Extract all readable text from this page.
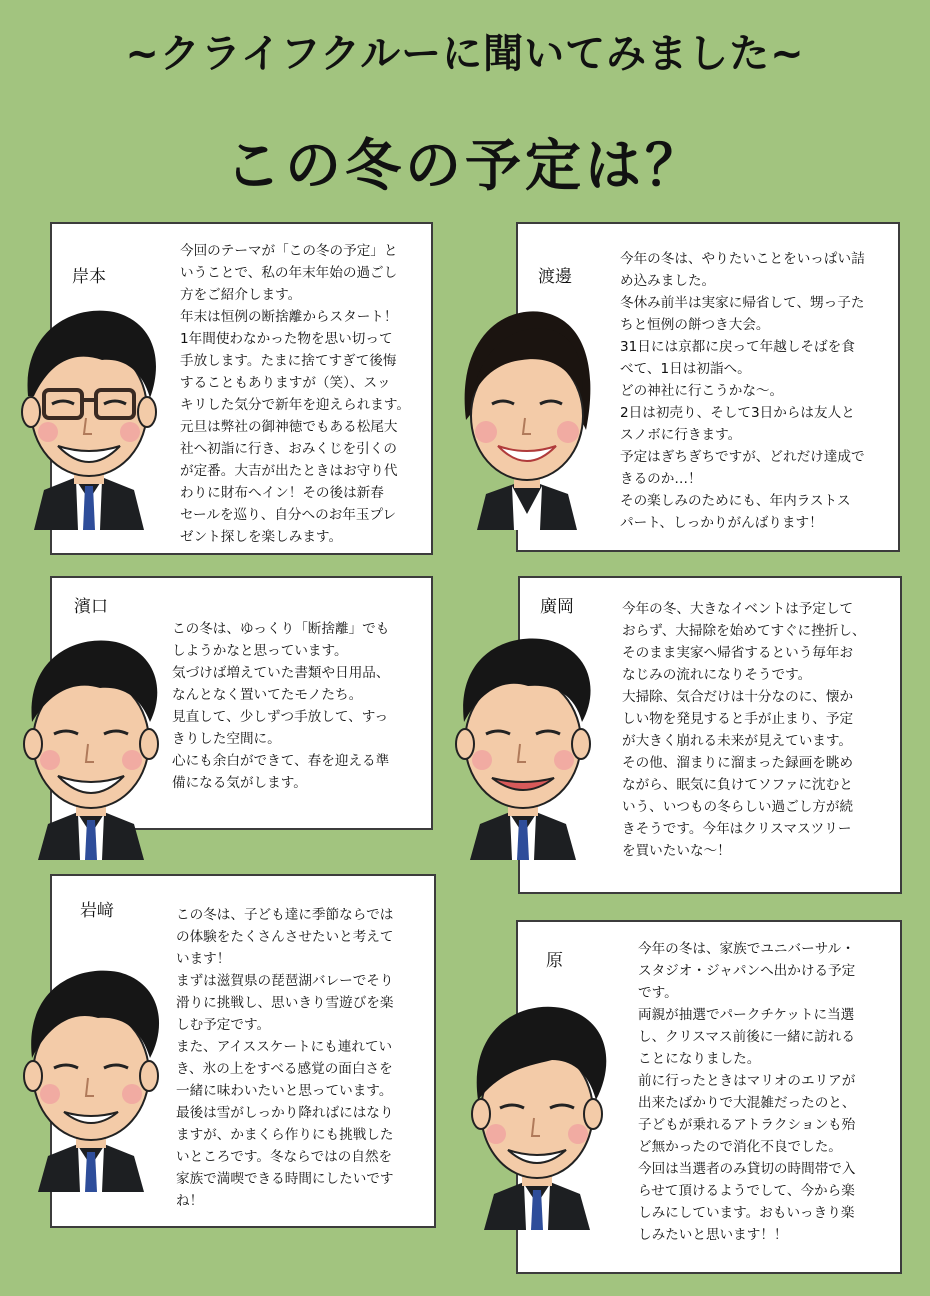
~クライフクルーに聞いてみました~
この冬の予定は？
岸本

今回のテーマが「この冬の予定」と

いうことで、私の年末年始の過ごし

方をご紹介します。

年末は恒例の断捨離からスタート！

1年間使わなかった物を思い切って

手放します。たまに捨てすぎて後悔

することもありますが（笑）、スッ

キリした気分で新年を迎えられます。

元旦は弊社の御神徳でもある松尾大

社へ初詣に行き、おみくじを引くの

が定番。大吉が出たときはお守り代

わりに財布へイン！その後は新春

セールを巡り、自分へのお年玉プレ

ゼント探しを楽しみます。

渡邊

今年の冬は、やりたいことをいっぱい詰

め込みました。

冬休み前半は実家に帰省して、甥っ子た

ちと恒例の餅つき大会。

31日には京都に戻って年越しそばを食

べて、1日は初詣へ。

どの神社に行こうかな〜。

2日は初売り、そして3日からは友人と

スノボに行きます。

予定はぎちぎちですが、どれだけ達成で

きるのか…！

その楽しみのためにも、年内ラストス

パート、しっかりがんばります！

濱口

この冬は、ゆっくり「断捨離」でも

しようかなと思っています。

気づけば増えていた書類や日用品、

なんとなく置いてたモノたち。

見直して、少しずつ手放して、すっ

きりした空間に。

心にも余白ができて、春を迎える準

備になる気がします。

廣岡	今年の冬、大きなイベントは予定して

おらず、大掃除を始めてすぐに挫折し、

そのまま実家へ帰省するという毎年お

なじみの流れになりそうです。

大掃除、気合だけは十分なのに、懐か

しい物を発見すると手が止まり、予定

が大きく崩れる未来が見えています。

その他、溜まりに溜まった録画を眺め

ながら、眠気に負けてソファに沈むと

いう、いつもの冬らしい過ごし方が続

きそうです。今年はクリスマスツリー

を買いたいな〜！

岩﨑	この冬は、子ども達に季節ならでは

の体験をたくさんさせたいと考えて

います！

まずは滋賀県の琵琶湖バレーでそり

滑りに挑戦し、思いきり雪遊びを楽

しむ予定です。

また、アイススケートにも連れてい

き、氷の上をすべる感覚の面白さを

一緒に味わいたいと思っています。

最後は雪がしっかり降ればにはなり

ますが、かまくら作りにも挑戦した

いところです。冬ならではの自然を

家族で満喫できる時間にしたいです

ね！

原

今年の冬は、家族でユニバーサル・

スタジオ・ジャパンへ出かける予定

です。

両親が抽選でパークチケットに当選

し、クリスマス前後に一緒に訪れる

ことになりました。

前に行ったときはマリオのエリアが

出来たばかりで大混雑だったのと、

子どもが乗れるアトラクションも殆

ど無かったので消化不良でした。

今回は当選者のみ貸切の時間帯で入

らせて頂けるようでして、今から楽

しみにしています。おもいっきり楽

しみたいと思います！！
